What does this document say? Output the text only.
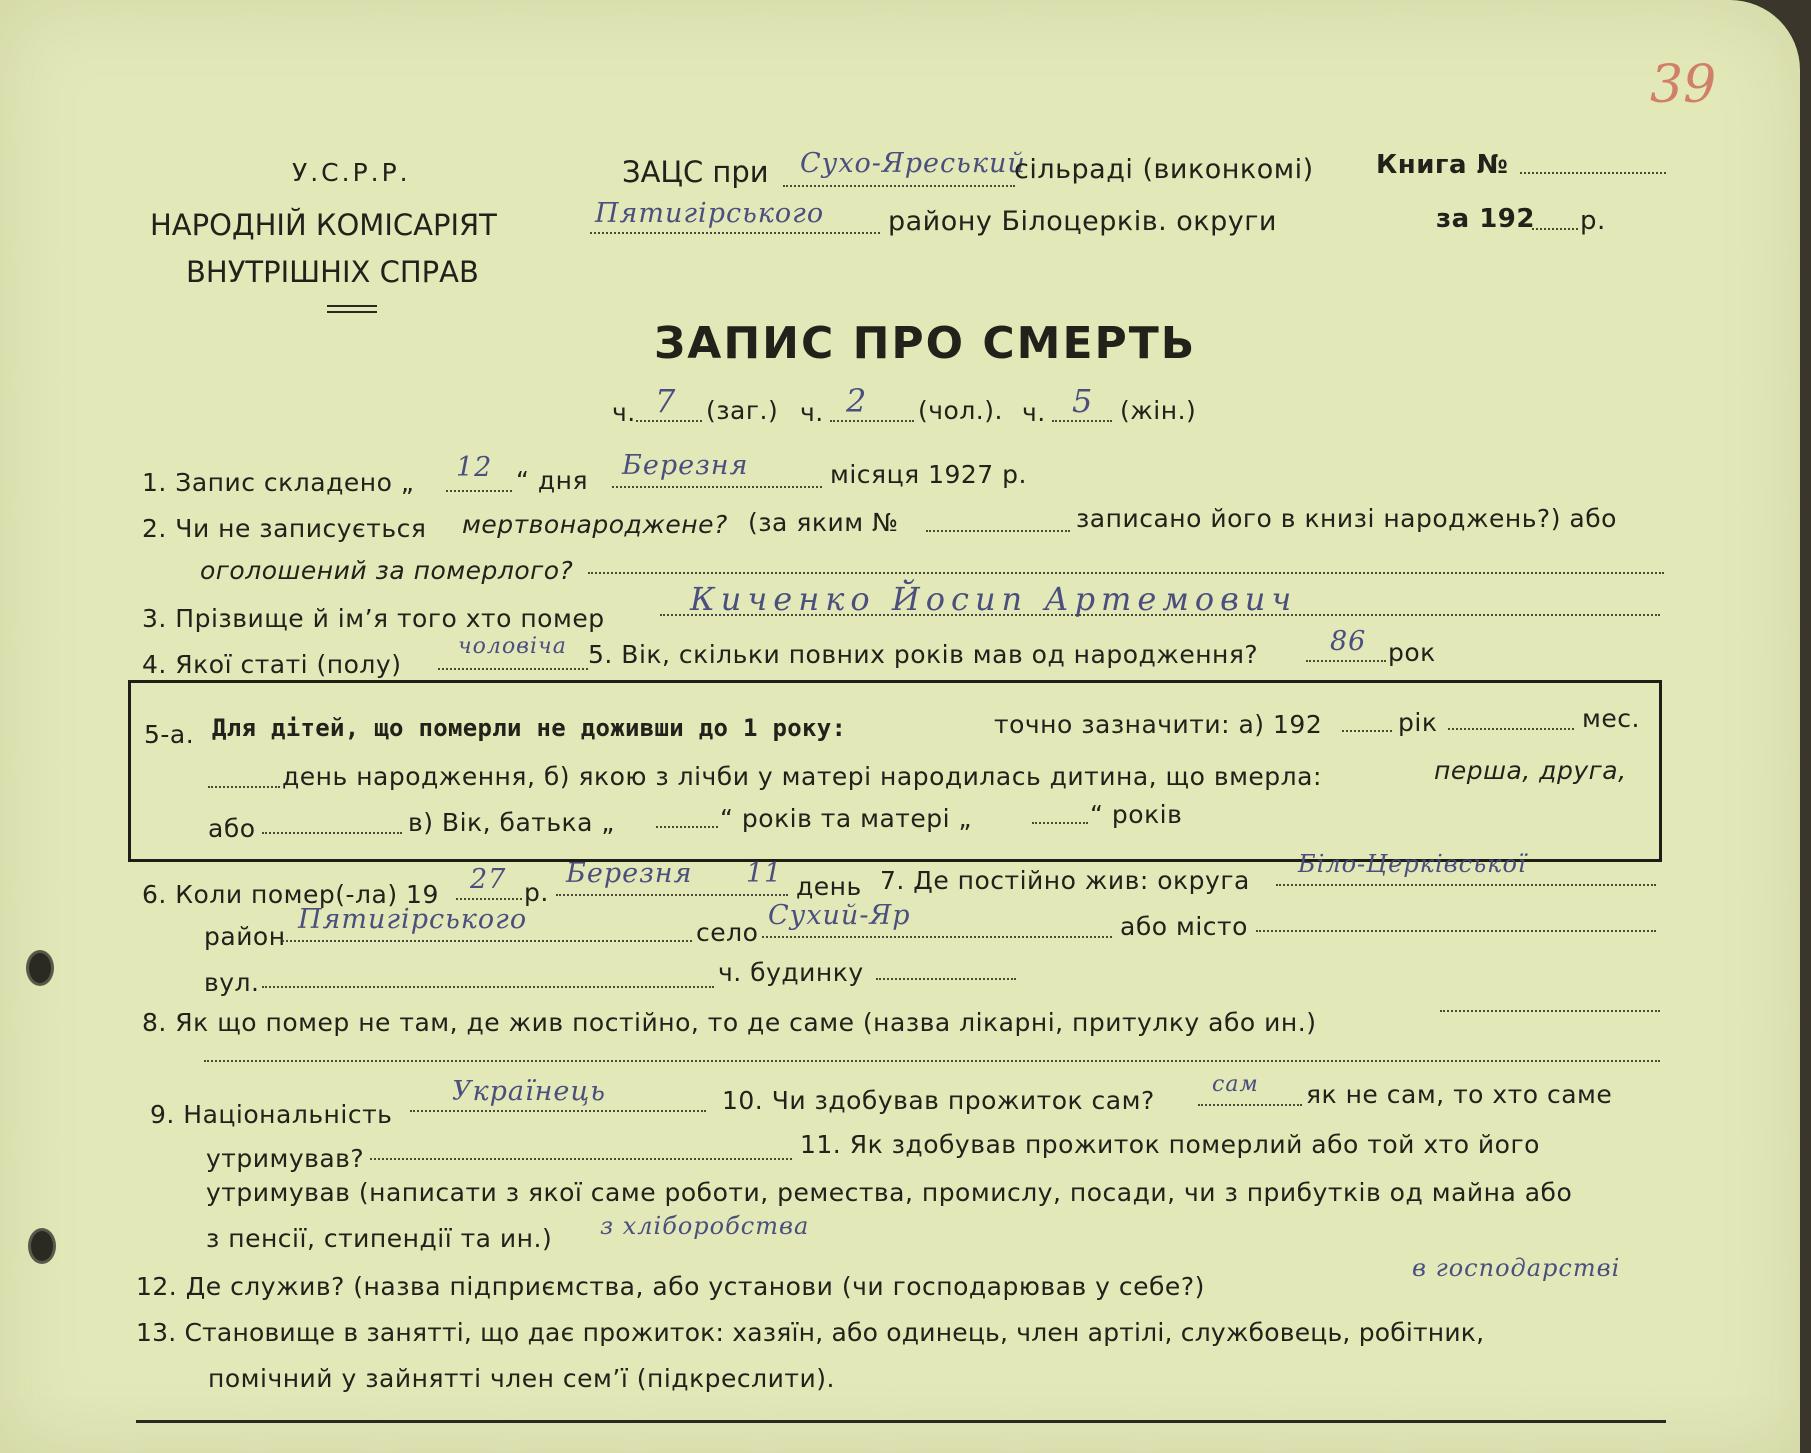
39
У.С.Р.Р.
НАРОДНІЙ КОМІСАРІЯТ
ВНУТРІШНІХ СПРАВ
ЗАЦС при Сухо-Яреський
сільраді (виконкомі)
Пятигірського району Білоцерків. округи
Книга №
за 192 р.
ЗАПИС ПРО СМЕРТЬ
ч. 7 (заг.) ч. 2 (чол.). ч. 5 (жін.)
1. Запис складено „ 12 “ дня Березня	місяця 1927 р.
2. Чи не записується мертвонароджене? (за яким №	записано його в книзі народжень?) або
оголошений за померлого?
3. Прізвище й ім’я того хто помер
Киченко Йосип Артемович
4. Якої статі (полу)
чоловіча 5. Вік, скільки повних років мав од народження?	86 рок
5-а. Для дітей, що померли не доживши до 1 року:	точно зазначити: а) 192	рік	мес.
день народження, б) якою з лічби у матері народилась дитина, що вмерла:	перша, друга,
або	в) Вік, батька „	“ років та матері „	“ років
6. Коли помер(-ла) 19 27 р.
Березня 11 день 7. Де постійно жив: округа
Біло-Церківської
район
Пятигірського	село
Сухий-Яр	або місто
вул.	ч. будинку
8. Як що помер не там, де жив постійно, то де саме (назва лікарні, притулку або ин.)
9. Національність
Українець	10. Чи здобував прожиток сам?
сам як не сам, то хто саме
утримував?	11. Як здобував прожиток померлий або той хто його
утримував (написати з якої саме роботи, ремества, промислу, посади, чи з прибутків од майна або
з пенсії, стипендії та ин.) з хліборобства
12. Де служив? (назва підприємства, або установи (чи господарював у себе?)
в господарстві
13. Становище в занятті, що дає прожиток: хазяїн, або одинець, член артілі, службовець, робітник,
помічний у зайнятті член сем’ї (підкреслити).
